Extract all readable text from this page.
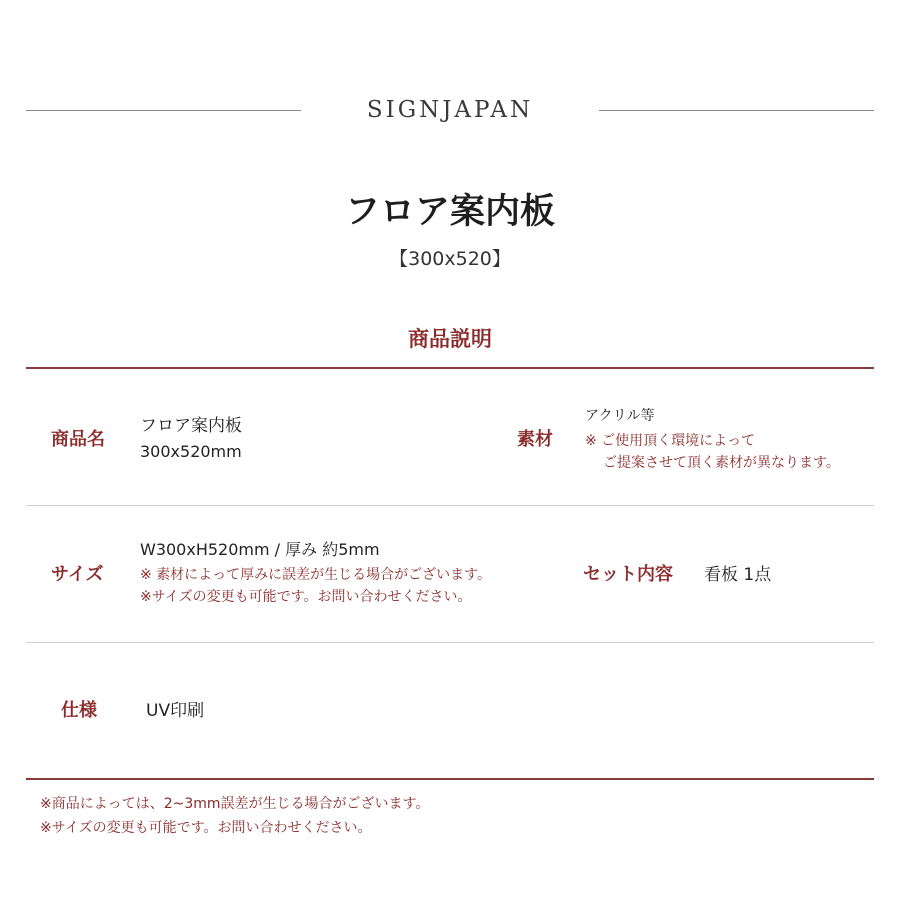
SIGNJAPAN
フロア案内板
【300x520】
商品説明
商品名
フロア案内板
300x520mm
素材
アクリル等
※ ご使用頂く環境によって
ご提案させて頂く素材が異なります。
サイズ
W300xH520mm / 厚み 約5mm
※ 素材によって厚みに誤差が生じる場合がございます。
※サイズの変更も可能です。お問い合わせください。
セット内容 看板 1点
仕様	UV印刷
※商品によっては、2~3mm誤差が生じる場合がございます。
※サイズの変更も可能です。お問い合わせください。
